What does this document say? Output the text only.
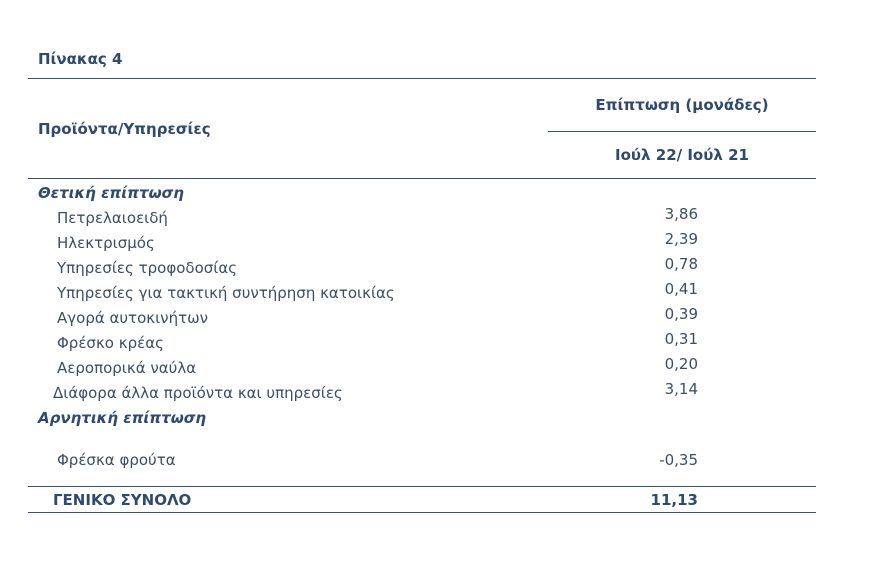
Πίνακας 4
Προϊόντα/Υπηρεσίες
Επίπτωση (μονάδες)
Ιούλ 22/ Ιούλ 21
Θετική επίπτωση
Πετρελαιοειδή	3,86
Ηλεκτρισμός	2,39
Υπηρεσίες τροφοδοσίας	0,78
Υπηρεσίες για τακτική συντήρηση κατοικίας	0,41
Αγορά αυτοκινήτων	0,39
Φρέσκο κρέας	0,31
Αεροπορικά ναύλα	0,20
Διάφορα άλλα προϊόντα και υπηρεσίες	3,14
Αρνητική επίπτωση
Φρέσκα φρούτα	-0,35
ΓΕΝΙΚΟ ΣΥΝΟΛΟ	11,13
